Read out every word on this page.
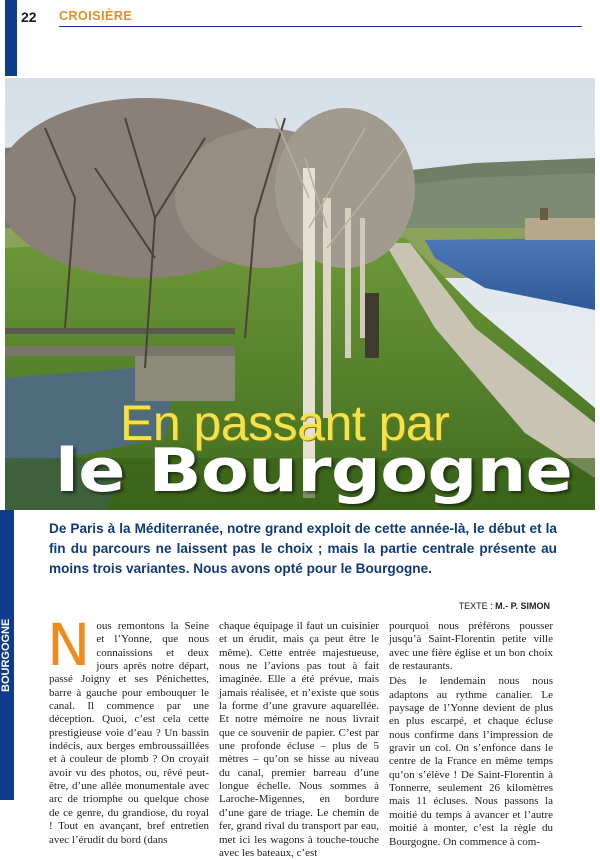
22 CROISIÈRE
En passant par
le Bourgogne
BOURGOGNE
De Paris à la Méditerranée, notre grand exploit de cette année-là, le début et la fin du parcours ne laissent pas le choix ; mais la partie centrale présente au moins trois variantes. Nous avons opté pour le Bourgogne.
TEXTE : M.- P. SIMON

Nous remontons la Seine et l’Yonne, que nous connaissions et deux jours après notre départ, passé Joigny et ses Pénichettes, barre à gauche pour embouquer le canal. Il commence par une déception. Quoi, c’est cela cette prestigieuse voie d’eau ? Un bassin indécis, aux berges embroussaillées et à couleur de plomb ? On croyait avoir vu des photos, ou, rêvé peut-être, d’une allée monumentale avec arc de triomphe ou quelque chose de ce genre, du grandiose, du royal ! Tout en avançant, bref entretien avec l’érudit du bord (dans

chaque équipage il faut un cuisinier et un érudit, mais ça peut être le même). Cette entrée majestueuse, nous ne l’avions pas tout à fait imaginée. Elle a été prévue, mais jamais réalisée, et n’existe que sous la forme d’une gravure aquarellée. Et notre mémoire ne nous livrait que ce souvenir de papier. C’est par une profonde écluse – plus de 5 mètres – qu’on se hisse au niveau du canal, premier barreau d’une longue échelle. Nous sommes à Laroche-Migennes, en bordure d’une gare de triage. Le chemin de fer, grand rival du transport par eau, met ici les wagons à touche-touche avec les bateaux, c’est

pourquoi nous préférons pousser jusqu’à Saint-Florentin petite ville avec une fière église et un bon choix de restaurants.

Dès le lendemain nous nous adaptons au rythme canalier. Le paysage de l’Yonne devient de plus en plus escarpé, et chaque écluse nous confirme dans l’impression de gravir un col. On s’enfonce dans le centre de la France en même temps qu’on s’élève ! De Saint-Florentin à Tonnerre, seulement 26 kilomètres mais 11 écluses. Nous passons la moitié du temps à avancer et l’autre moitié à monter, c’est la règle du Bourgogne. On commence à com-
